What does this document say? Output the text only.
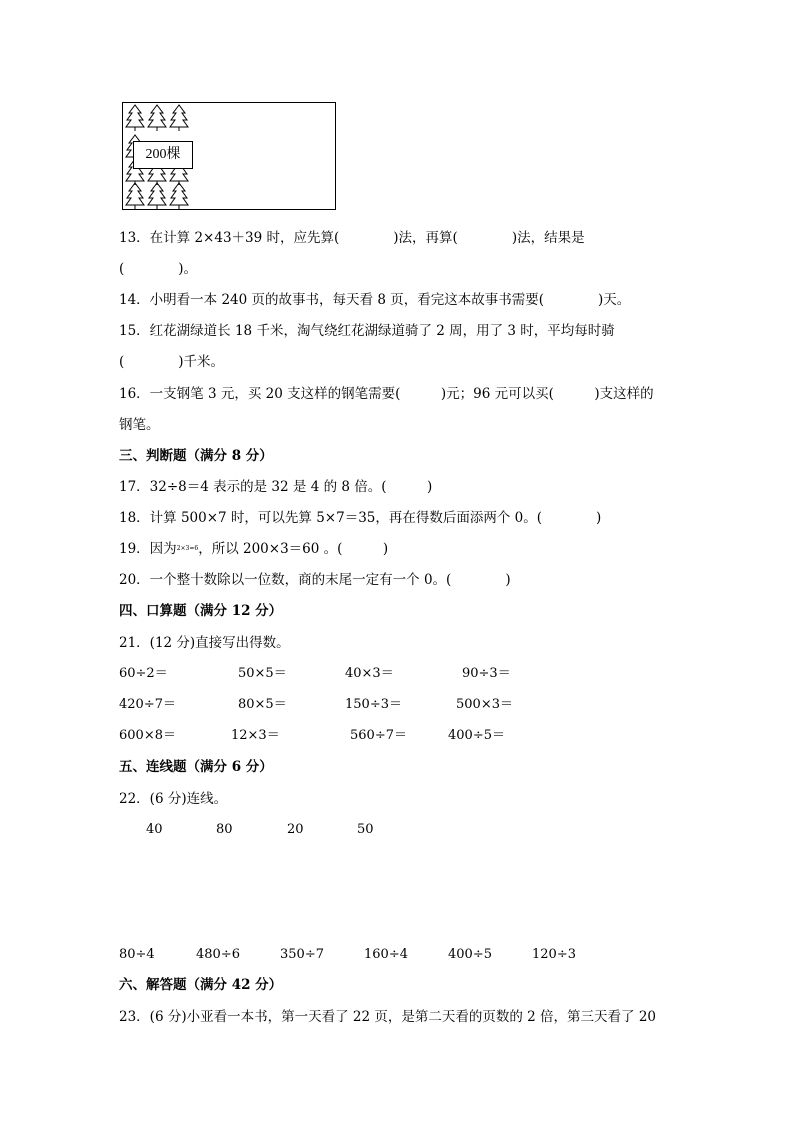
200棵
13．在计算 2×43＋39 时，应先算(　　　　)法，再算(　　　　)法，结果是
(　　　　)。
14．小明看一本 240 页的故事书，每天看 8 页，看完这本故事书需要(　　　　)天。
15．红花湖绿道长 18 千米，淘气绕红花湖绿道骑了 2 周，用了 3 时，平均每时骑
(　　　　)千米。
16．一支钢笔 3 元，买 20 支这样的钢笔需要(　　　)元；96 元可以买(　　　)支这样的
钢笔。
三、判断题（满分 8 分）
17．32÷8＝4 表示的是 32 是 4 的 8 倍。(　　　)
18．计算 500×7 时，可以先算 5×7＝35，再在得数后面添两个 0。(　　　　)
19．因为$^{2\times 3=6}$，所以 200×3＝60 。(　　　)
20．一个整十数除以一位数，商的末尾一定有一个 0。(　　　　)
四、口算题（满分 12 分）
21．(12 分)直接写出得数。
60÷2＝	50×5＝	40×3＝	90÷3＝
420÷7＝	80×5＝	150÷3＝	500×3＝
600×8＝	12×3＝	560÷7＝	400÷5＝
五、连线题（满分 6 分）
22．(6 分)连线。
40	80	20	50
80÷4	480÷6	350÷7	160÷4	400÷5	120÷3
六、解答题（满分 42 分）
23．(6 分)小亚看一本书，第一天看了 22 页，是第二天看的页数的 2 倍，第三天看了 20
